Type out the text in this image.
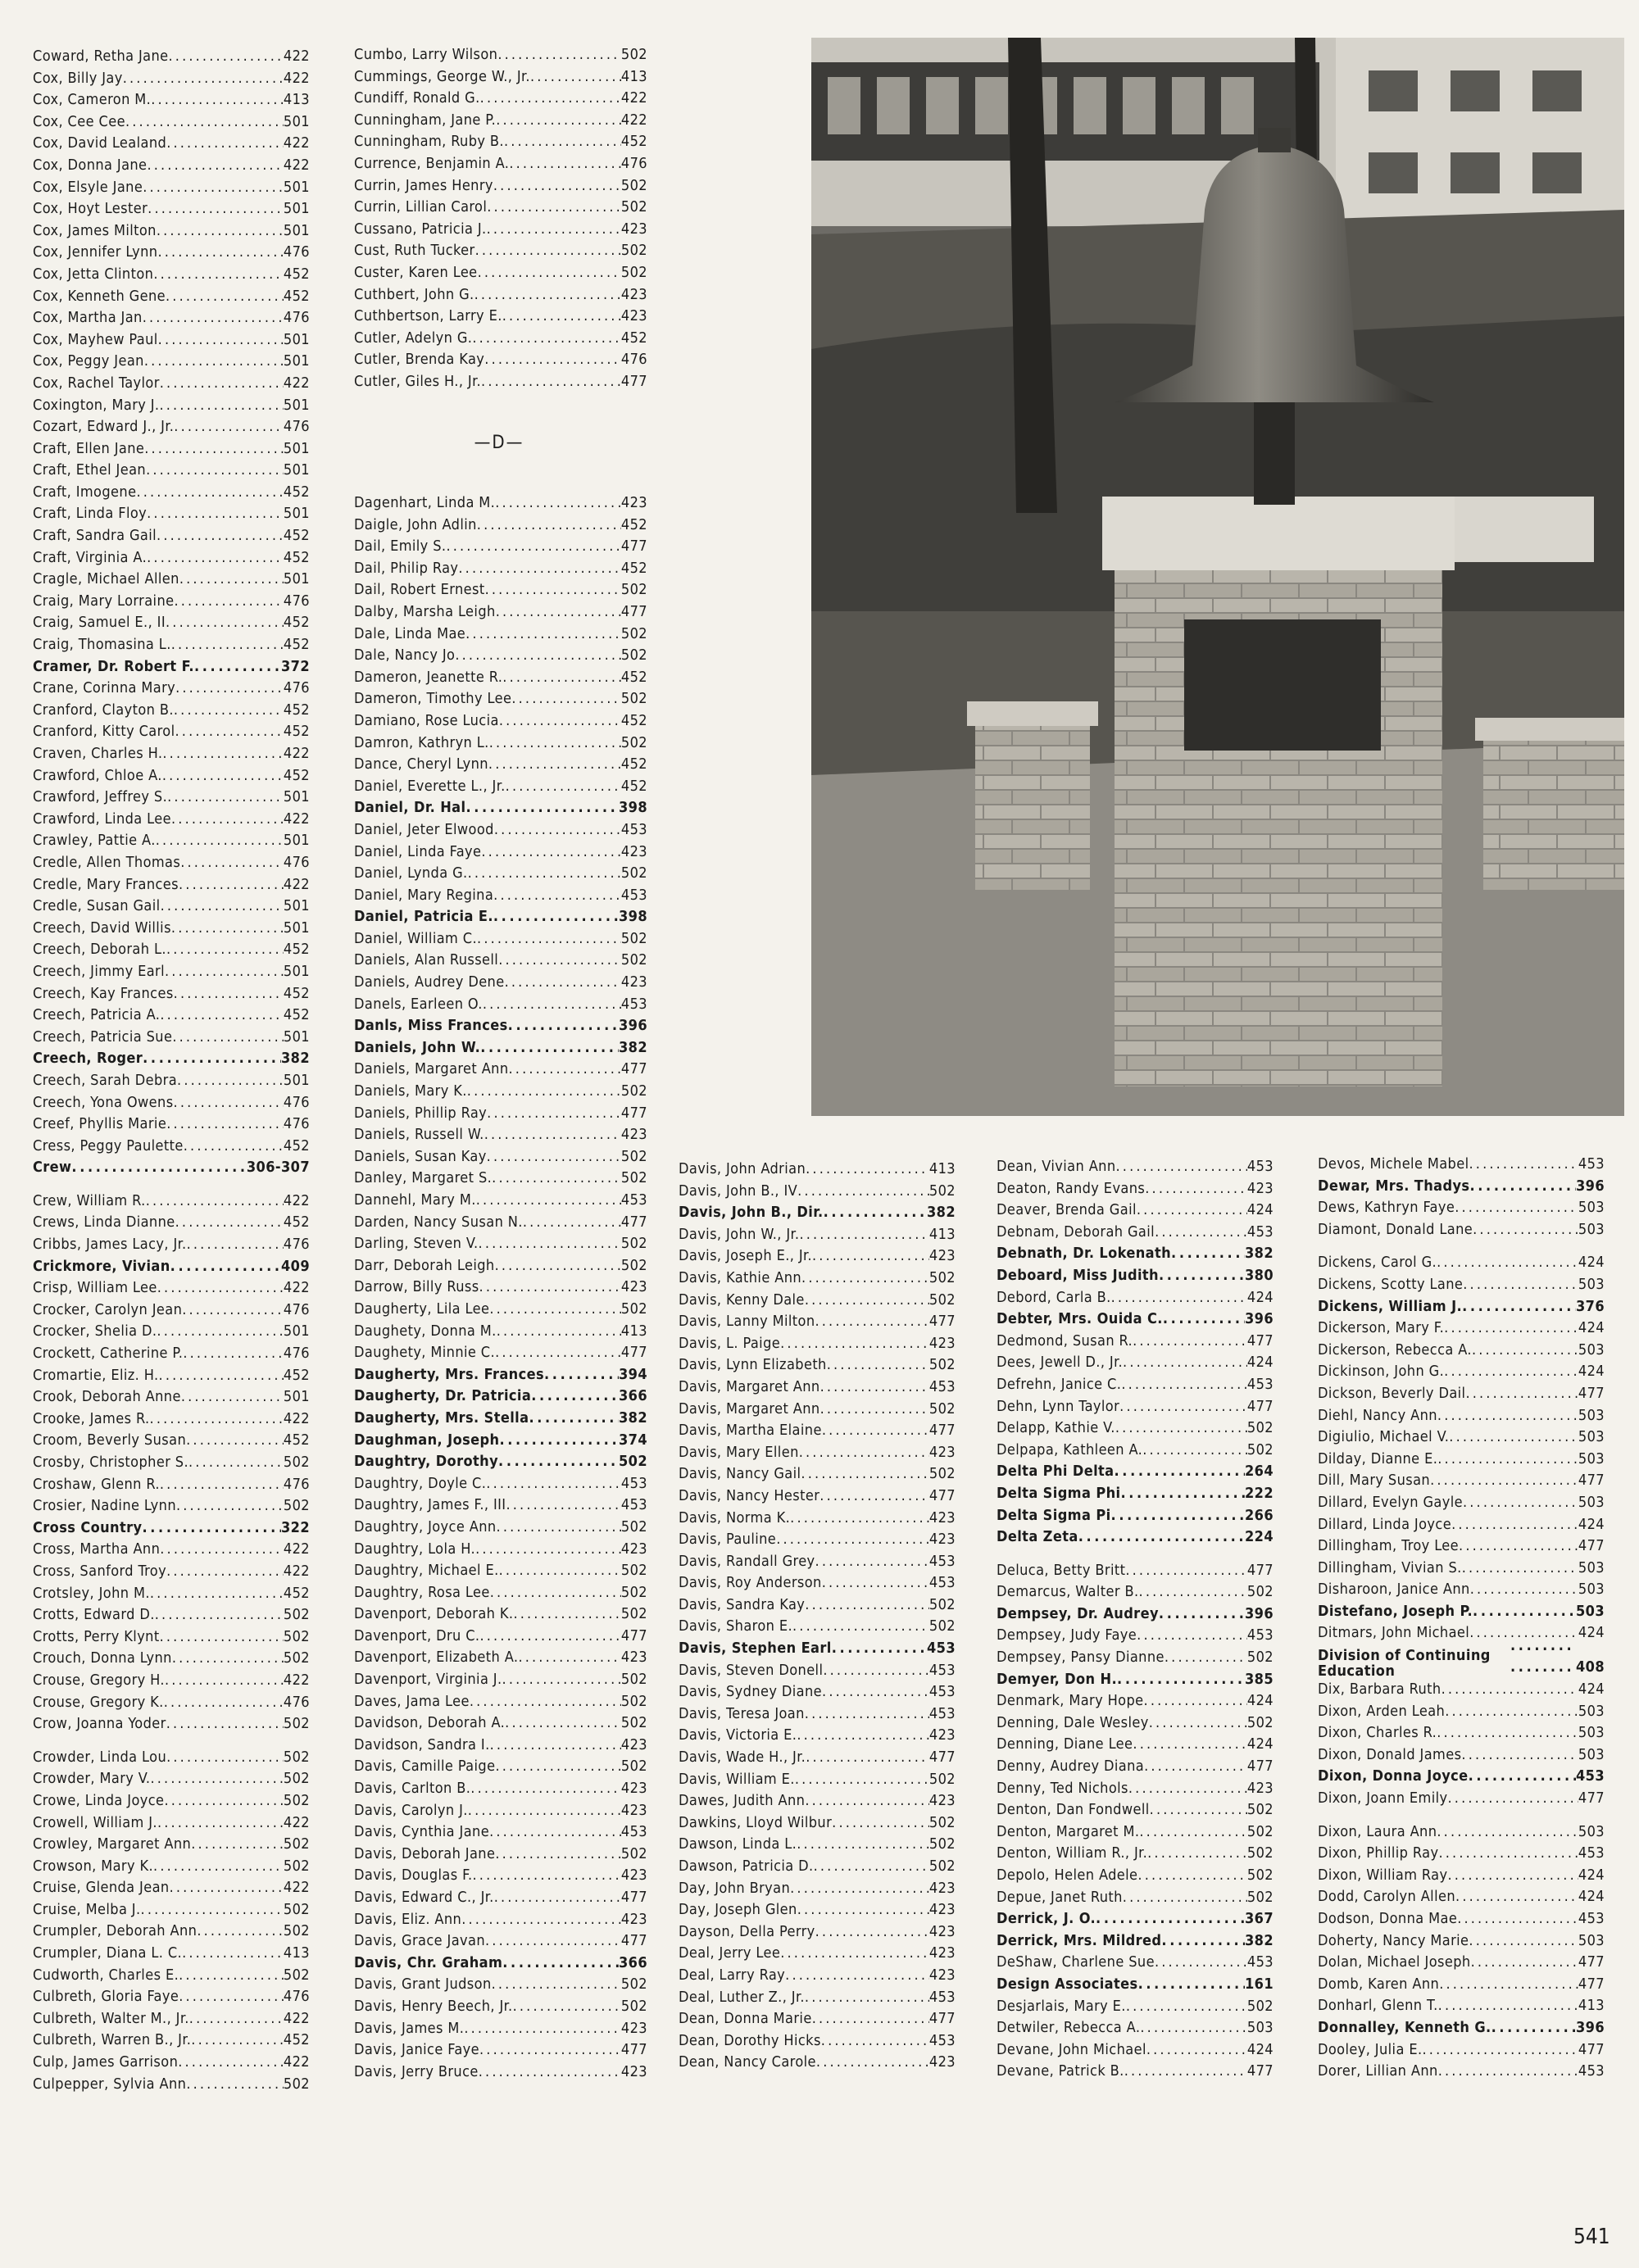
Coward, Retha Jane . . .	422
Cox, Billy Jay . . .	422
Cox, Cameron M. . . .	413
Cox, Cee Cee . . .	501
Cox, David Lealand . . .	422
Cox, Donna Jane . . .	422
Cox, Elsyle Jane . . .	501
Cox, Hoyt Lester . . .	501
Cox, James Milton . . .	501
Cox, Jennifer Lynn . . .	476
Cox, Jetta Clinton . . .	452
Cox, Kenneth Gene . . .	452
Cox, Martha Jan . . .	476
Cox, Mayhew Paul . . .	501
Cox, Peggy Jean . . .	501
Cox, Rachel Taylor . . .	422
Coxington, Mary J. . . .	501
Cozart, Edward J., Jr. . . .	476
Craft, Ellen Jane . . .	501
Craft, Ethel Jean . . .	501
Craft, Imogene . . .	452
Craft, Linda Floy . . .	501
Craft, Sandra Gail . . .	452
Craft, Virginia A. . . .	452
Cragle, Michael Allen . . .	501
Craig, Mary Lorraine . . .	476
Craig, Samuel E., II . . .	452
Craig, Thomasina L. . . .	452
Cramer, Dr. Robert F. . . .	372
Crane, Corinna Mary . . .	476
Cranford, Clayton B. . . .	452
Cranford, Kitty Carol . . .	452
Craven, Charles H. . . .	422
Crawford, Chloe A. . . .	452
Crawford, Jeffrey S. . . .	501
Crawford, Linda Lee . . .	422
Crawley, Pattie A. . . .	501
Credle, Allen Thomas . . .	476
Credle, Mary Frances . . .	422
Credle, Susan Gail . . .	501
Creech, David Willis . . .	501
Creech, Deborah L. . . .	452
Creech, Jimmy Earl . . .	501
Creech, Kay Frances . . .	452
Creech, Patricia A. . . .	452
Creech, Patricia Sue . . .	501
Creech, Roger . . .	382
Creech, Sarah Debra . . .	501
Creech, Yona Owens . . .	476
Creef, Phyllis Marie . . .	476
Cress, Peggy Paulette . . .	452
Crew . . .	306-307
Crew, William R. . . .	422
Crews, Linda Dianne . . .	452
Cribbs, James Lacy, Jr. . . .	476
Crickmore, Vivian . . .	409
Crisp, William Lee . . .	422
Crocker, Carolyn Jean . . .	476
Crocker, Shelia D. . . .	501
Crockett, Catherine P. . . .	476
Cromartie, Eliz. H. . . .	452
Crook, Deborah Anne . . .	501
Crooke, James R. . . .	422
Croom, Beverly Susan . . .	452
Crosby, Christopher S. . . .	502
Croshaw, Glenn R. . . .	476
Crosier, Nadine Lynn . . .	502
Cross Country . . .	322
Cross, Martha Ann . . .	422
Cross, Sanford Troy . . .	422
Crotsley, John M. . . .	452
Crotts, Edward D. . . .	502
Crotts, Perry Klynt . . .	502
Crouch, Donna Lynn . . .	502
Crouse, Gregory H. . . .	422
Crouse, Gregory K. . . .	476
Crow, Joanna Yoder . . .	502
Crowder, Linda Lou . . .	502
Crowder, Mary V. . . .	502
Crowe, Linda Joyce . . .	502
Crowell, William J. . . .	422
Crowley, Margaret Ann . . .	502
Crowson, Mary K. . . .	502
Cruise, Glenda Jean . . .	422
Cruise, Melba J. . . .	502
Crumpler, Deborah Ann . . .	502
Crumpler, Diana L. C. . . .	413
Cudworth, Charles E. . . .	502
Culbreth, Gloria Faye . . .	476
Culbreth, Walter M., Jr. . . .	422
Culbreth, Warren B., Jr. . . .	452
Culp, James Garrison . . .	422
Culpepper, Sylvia Ann . . .	502
Cumbo, Larry Wilson . . .	502
Cummings, George W., Jr. . . .	413
Cundiff, Ronald G. . . .	422
Cunningham, Jane P. . . .	422
Cunningham, Ruby B. . . .	452
Currence, Benjamin A. . . .	476
Currin, James Henry . . .	502
Currin, Lillian Carol . . .	502
Cussano, Patricia J. . . .	423
Cust, Ruth Tucker . . .	502
Custer, Karen Lee . . .	502
Cuthbert, John G. . . .	423
Cuthbertson, Larry E. . . .	423
Cutler, Adelyn G. . . .	452
Cutler, Brenda Kay . . .	476
Cutler, Giles H., Jr. . . .	477
—D—
Dagenhart, Linda M. . . .	423
Daigle, John Adlin . . .	452
Dail, Emily S. . . .	477
Dail, Philip Ray . . .	452
Dail, Robert Ernest . . .	502
Dalby, Marsha Leigh . . .	477
Dale, Linda Mae . . .	502
Dale, Nancy Jo . . .	502
Dameron, Jeanette R. . . .	452
Dameron, Timothy Lee . . .	502
Damiano, Rose Lucia . . .	452
Damron, Kathryn L. . . .	502
Dance, Cheryl Lynn . . .	452
Daniel, Everette L., Jr. . . .	452
Daniel, Dr. Hal . . .	398
Daniel, Jeter Elwood . . .	453
Daniel, Linda Faye . . .	423
Daniel, Lynda G. . . .	502
Daniel, Mary Regina . . .	453
Daniel, Patricia E. . . .	398
Daniel, William C. . . .	502
Daniels, Alan Russell . . .	502
Daniels, Audrey Dene . . .	423
Danels, Earleen O. . . .	453
Danls, Miss Frances . . .	396
Daniels, John W. . . .	382
Daniels, Margaret Ann . . .	477
Daniels, Mary K. . . .	502
Daniels, Phillip Ray . . .	477
Daniels, Russell W. . . .	423
Daniels, Susan Kay . . .	502
Danley, Margaret S. . . .	502
Dannehl, Mary M. . . .	453
Darden, Nancy Susan N. . . .	477
Darling, Steven V. . . .	502
Darr, Deborah Leigh . . .	502
Darrow, Billy Russ . . .	423
Daugherty, Lila Lee . . .	502
Daughety, Donna M. . . .	413
Daughety, Minnie C. . . .	477
Daugherty, Mrs. Frances . . .	394
Daugherty, Dr. Patricia . . .	366
Daugherty, Mrs. Stella . . .	382
Daughman, Joseph . . .	374
Daughtry, Dorothy . . .	502
Daughtry, Doyle C. . . .	453
Daughtry, James F., III . . .	453
Daughtry, Joyce Ann . . .	502
Daughtry, Lola H. . . .	423
Daughtry, Michael E. . . .	502
Daughtry, Rosa Lee . . .	502
Davenport, Deborah K. . . .	502
Davenport, Dru C. . . .	477
Davenport, Elizabeth A. . . .	423
Davenport, Virginia J. . . .	502
Daves, Jama Lee . . .	502
Davidson, Deborah A. . . .	502
Davidson, Sandra I. . . .	423
Davis, Camille Paige . . .	502
Davis, Carlton B. . . .	423
Davis, Carolyn J. . . .	423
Davis, Cynthia Jane . . .	453
Davis, Deborah Jane . . .	502
Davis, Douglas F. . . .	423
Davis, Edward C., Jr. . . .	477
Davis, Eliz. Ann . . .	423
Davis, Grace Javan . . .	477
Davis, Chr. Graham . . .	366
Davis, Grant Judson . . .	502
Davis, Henry Beech, Jr. . . .	502
Davis, James M. . . .	423
Davis, Janice Faye . . .	477
Davis, Jerry Bruce . . .	423
Davis, John Adrian . . .	413
Davis, John B., IV . . .	502
Davis, John B., Dir. . . .	382
Davis, John W., Jr. . . .	413
Davis, Joseph E., Jr. . . .	423
Davis, Kathie Ann . . .	502
Davis, Kenny Dale . . .	502
Davis, Lanny Milton . . .	477
Davis, L. Paige . . .	423
Davis, Lynn Elizabeth . . .	502
Davis, Margaret Ann . . .	453
Davis, Margaret Ann . . .	502
Davis, Martha Elaine . . .	477
Davis, Mary Ellen . . .	423
Davis, Nancy Gail . . .	502
Davis, Nancy Hester . . .	477
Davis, Norma K. . . .	423
Davis, Pauline . . .	423
Davis, Randall Grey . . .	453
Davis, Roy Anderson . . .	453
Davis, Sandra Kay . . .	502
Davis, Sharon E. . . .	502
Davis, Stephen Earl . . .	453
Davis, Steven Donell . . .	453
Davis, Sydney Diane . . .	453
Davis, Teresa Joan . . .	453
Davis, Victoria E. . . .	423
Davis, Wade H., Jr. . . .	477
Davis, William E. . . .	502
Dawes, Judith Ann . . .	423
Dawkins, Lloyd Wilbur . . .	502
Dawson, Linda L. . . .	502
Dawson, Patricia D. . . .	502
Day, John Bryan . . .	423
Day, Joseph Glen . . .	423
Dayson, Della Perry . . .	423
Deal, Jerry Lee . . .	423
Deal, Larry Ray . . .	423
Deal, Luther Z., Jr. . . .	453
Dean, Donna Marie . . .	477
Dean, Dorothy Hicks . . .	453
Dean, Nancy Carole . . .	423
Dean, Vivian Ann . . .	453
Deaton, Randy Evans . . .	423
Deaver, Brenda Gail . . .	424
Debnam, Deborah Gail . . .	453
Debnath, Dr. Lokenath . . .	382
Deboard, Miss Judith . . .	380
Debord, Carla B. . . .	424
Debter, Mrs. Ouida C. . . .	396
Dedmond, Susan R. . . .	477
Dees, Jewell D., Jr. . . .	424
Defrehn, Janice C. . . .	453
Dehn, Lynn Taylor . . .	477
Delapp, Kathie V. . . .	502
Delpapa, Kathleen A. . . .	502
Delta Phi Delta . . .	264
Delta Sigma Phi . . .	222
Delta Sigma Pi . . .	266
Delta Zeta . . .	224
Deluca, Betty Britt . . .	477
Demarcus, Walter B. . . .	502
Dempsey, Dr. Audrey . . .	396
Dempsey, Judy Faye . . .	453
Dempsey, Pansy Dianne . . .	502
Demyer, Don H. . . .	385
Denmark, Mary Hope . . .	424
Denning, Dale Wesley . . .	502
Denning, Diane Lee . . .	424
Denny, Audrey Diana . . .	477
Denny, Ted Nichols . . .	423
Denton, Dan Fondwell . . .	502
Denton, Margaret M. . . .	502
Denton, William R., Jr. . . .	502
Depolo, Helen Adele . . .	502
Depue, Janet Ruth . . .	502
Derrick, J. O. . . .	367
Derrick, Mrs. Mildred . . .	382
DeShaw, Charlene Sue . . .	453
Design Associates . . .	161
Desjarlais, Mary E. . . .	502
Detwiler, Rebecca A. . . .	503
Devane, John Michael . . .	424
Devane, Patrick B. . . .	477
Devos, Michele Mabel . . .	453
Dewar, Mrs. Thadys . . .	396
Dews, Kathryn Faye . . .	503
Diamont, Donald Lane . . .	503
Dickens, Carol G. . . .	424
Dickens, Scotty Lane . . .	503
Dickens, William J. . . .	376
Dickerson, Mary F. . . .	424
Dickerson, Rebecca A. . . .	503
Dickinson, John G. . . .	424
Dickson, Beverly Dail . . .	477
Diehl, Nancy Ann . . .	503
Digiulio, Michael V. . . .	503
Dilday, Dianne E. . . .	503
Dill, Mary Susan . . .	477
Dillard, Evelyn Gayle . . .	503
Dillard, Linda Joyce . . .	424
Dillingham, Troy Lee . . .	477
Dillingham, Vivian S. . . .	503
Disharoon, Janice Ann . . .	503
Distefano, Joseph P. . . .	503
Ditmars, John Michael . . .	424
Division of Continuing Education . . .	408
Dix, Barbara Ruth . . .	424
Dixon, Arden Leah . . .	503
Dixon, Charles R. . . .	503
Dixon, Donald James . . .	503
Dixon, Donna Joyce . . .	453
Dixon, Joann Emily . . .	477
Dixon, Laura Ann . . .	503
Dixon, Phillip Ray . . .	453
Dixon, William Ray . . .	424
Dodd, Carolyn Allen . . .	424
Dodson, Donna Mae . . .	453
Doherty, Nancy Marie . . .	503
Dolan, Michael Joseph . . .	477
Domb, Karen Ann . . .	477
Donharl, Glenn T. . . .	413
Donnalley, Kenneth G. . . .	396
Dooley, Julia E. . . .	477
Dorer, Lillian Ann . . .	453
541
